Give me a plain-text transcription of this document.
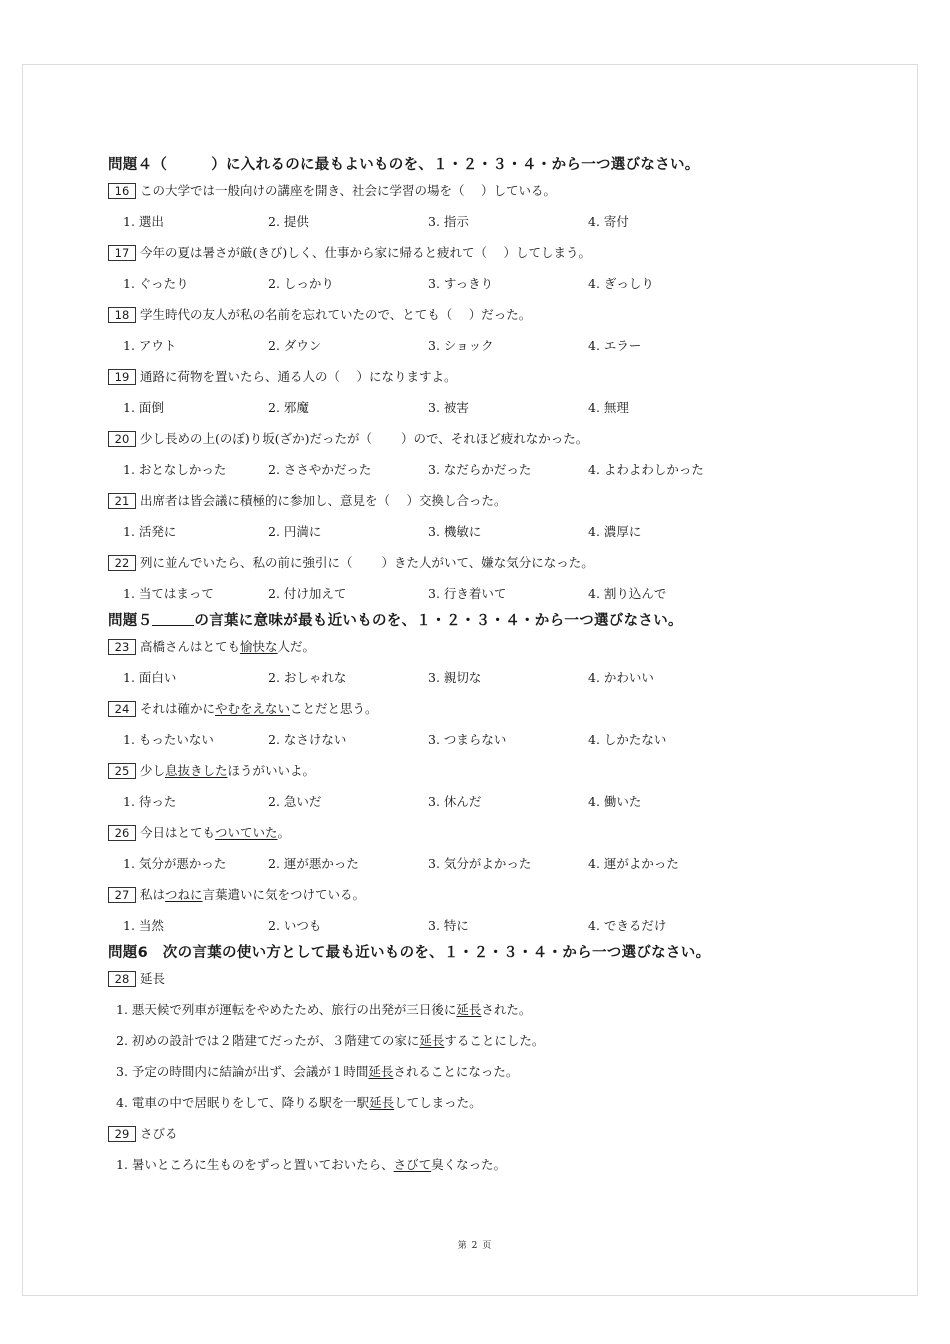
問題４（	）に入れるのに最もよいものを、１・２・３・４・から一つ選びなさい。
16 この大学では一般向けの講座を開き、社会に学習の場を（　 ）している。
1. 選出	2. 提供	3. 指示	4. 寄付
17 今年の夏は暑さが厳(きび)しく、仕事から家に帰ると疲れて（　 ）してしまう。
1. ぐったり	2. しっかり	3. すっきり	4. ぎっしり
18 学生時代の友人が私の名前を忘れていたので、とても（　 ）だった。
1. アウト	2. ダウン	3. ショック	4. エラー
19 通路に荷物を置いたら、通る人の（　 ）になりますよ。
1. 面倒	2. 邪魔	3. 被害	4. 無理
20 少し長めの上(のぼ)り坂(ざか)だったが（　　 ）ので、それほど疲れなかった。
1. おとなしかった	2. ささやかだった	3. なだらかだった	4. よわよわしかった
21 出席者は皆会議に積極的に参加し、意見を（　 ）交換し合った。
1. 活発に	2. 円満に	3. 機敏に	4. 濃厚に
22 列に並んでいたら、私の前に強引に（　　 ）きた人がいて、嫌な気分になった。
1. 当てはまって	2. 付け加えて	3. 行き着いて	4. 割り込んで
問題５	の言葉に意味が最も近いものを、１・２・３・４・から一つ選びなさい。
23 高橋さんはとても 愉快な 人だ。
1. 面白い	2. おしゃれな	3. 親切な	4. かわいい
24 それは確かに やむをえない ことだと思う。
1. もったいない	2. なさけない	3. つまらない	4. しかたない
25 少し 息抜きした ほうがいいよ。
1. 待った	2. 急いだ	3. 休んだ	4. 働いた
26 今日はとても ついていた 。
1. 気分が悪かった	2. 運が悪かった	3. 気分がよかった	4. 運がよかった
27 私は つねに 言葉遣いに気をつけている。
1. 当然	2. いつも	3. 特に	4. できるだけ
問題6　次の言葉の使い方として最も近いものを、１・２・３・４・から一つ選びなさい。
28 延長
1. 悪天候で列車が運転をやめたため、旅行の出発が三日後に延長された。
2. 初めの設計では２階建てだったが、３階建ての家に延長することにした。
3. 予定の時間内に結論が出ず、会議が１時間延長されることになった。
4. 電車の中で居眠りをして、降りる駅を一駅延長してしまった。
29 さびる
1. 暑いところに生ものをずっと置いておいたら、さびて臭くなった。
第 2 页
